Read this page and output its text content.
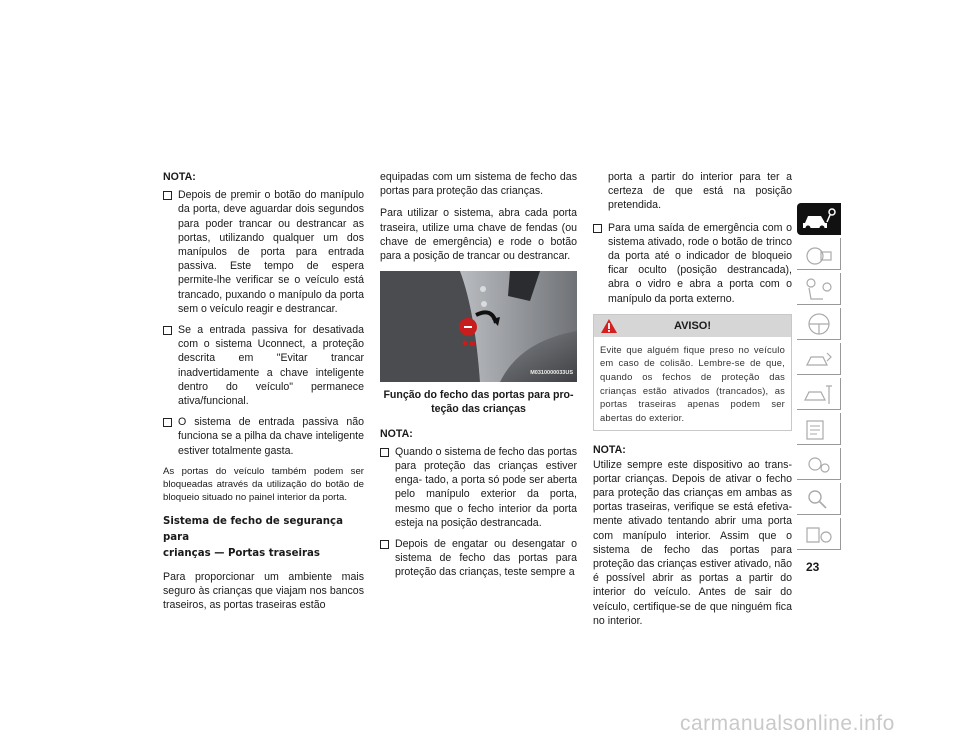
NOTA:
Depois de premir o botão do manípulo da porta, deve aguardar dois segundos para poder trancar ou destrancar as portas, utilizando qualquer um dos manípulos de porta para entrada passiva. Este tempo de espera permite-lhe verificar se o veículo está trancado, puxando o manípulo da porta sem o veículo reagir e destrancar.
Se a entrada passiva for desativada com o sistema Uconnect, a proteção descrita em "Evitar trancar inadvertidamente a chave inteligente dentro do veículo" permanece ativa/funcional.
O sistema de entrada passiva não funciona se a pilha da chave inteligente estiver totalmente gasta.

As portas do veículo também podem ser bloqueadas através da utilização do botão de bloqueio situado no painel interior da porta.

Sistema de fecho de segurança para
crianças — Portas traseiras

Para proporcionar um ambiente mais seguro às crianças que viajam nos bancos traseiros, as portas traseiras estão

equipadas com um sistema de fecho das portas para proteção das crianças.

Para utilizar o sistema, abra cada porta traseira, utilize uma chave de fendas (ou chave de emergência) e rode o botão para a posição de trancar ou destrancar.

M0310000033US
Função do fecho das portas para pro- teção das crianças
NOTA:
Quando o sistema de fecho das portas para proteção das crianças estiver enga- tado, a porta só pode ser aberta pelo manípulo exterior da porta, mesmo que o fecho interior da porta esteja na posição destrancada.
Depois de engatar ou desengatar o sistema de fecho das portas para proteção das crianças, teste sempre a

porta a partir do interior para ter a certeza de que está na posição pretendida.

Para uma saída de emergência com o sistema ativado, rode o botão de trinco da porta até o indicador de bloqueio ficar oculto (posição destrancada), abra o vidro e abra a porta com o manípulo da porta externo.
AVISO!
Evite que alguém fique preso no veículo em caso de colisão. Lembre-se de que, quando os fechos de proteção das crianças estão ativados (trancados), as portas traseiras apenas podem ser abertas do exterior.
NOTA:

Utilize sempre este dispositivo ao trans- portar crianças. Depois de ativar o fecho para proteção das crianças em ambas as portas traseiras, verifique se está efetiva- mente ativado tentando abrir uma porta com manípulo interior. Assim que o sistema de fecho das portas para proteção das crianças estiver ativado, não é possível abrir as portas a partir do interior do veículo. Antes de sair do veículo, certifique-se de que ninguém fica no interior.

23
carmanualsonline.info
